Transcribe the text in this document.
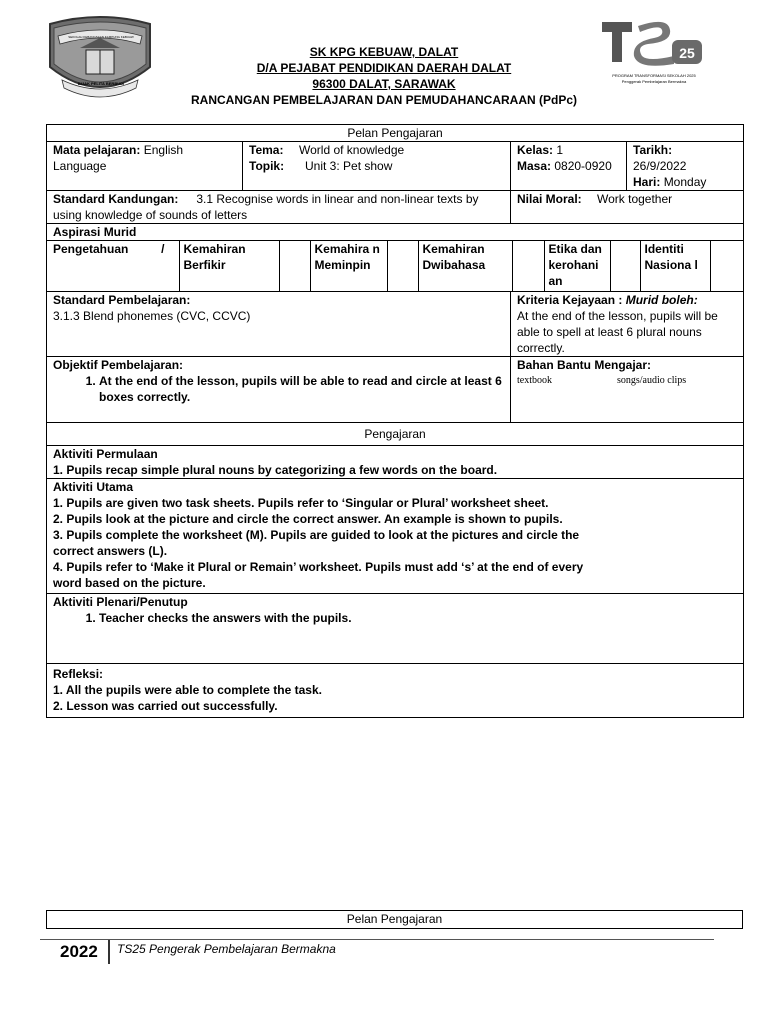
SEKOLAH KEBANGSAAN KAMPUNG KEBUAW
BIJAK PELITA BERBUDI
25
PROGRAM TRANSFORMASI SEKOLAH 2025
Penggerak Pembelajaran Bermakna
SK KPG KEBUAW, DALAT
D/A PEJABAT PENDIDIKAN DAERAH DALAT
96300 DALAT, SARAWAK
RANCANGAN PEMBELAJARAN DAN PEMUDAHANCARAAN (PdPc)
Pelan Pengajaran
Mata pelajaran: English Language	
Tema: World of knowledge
Topik: Unit 3: Pet show

Kelas: 1
Masa: 0820-0920

Tarikh:
26/9/2022
Hari: Monday

Standard Kandungan: 3.1 Recognise words in linear and non-linear texts by using knowledge of sounds of letters	
Nilai Moral: Work together

Aspirasi Murid

Pengetahuan	/	Kemahiran Berfikir		Kemahira n Meminpin		Kemahiran Dwibahasa		Etika dan kerohani an		Identiti Nasiona l	

Standard Pembelajaran:
3.1.3 Blend phonemes (CVC, CCVC)

Kriteria Kejayaan : Murid boleh:
At the end of the lesson, pupils will be able to spell at least 6 plural nouns correctly.

Objektif Pembelajaran:
1. At the end of the lesson, pupils will be able to read and circle at least 6 boxes correctly.

Bahan Bantu Mengajar:
textbook	songs/audio clips

Pengajaran

Aktiviti Permulaan
1. Pupils recap simple plural nouns by categorizing a few words on the board.

Aktiviti Utama
1. Pupils are given two task sheets. Pupils refer to ‘Singular or Plural’ worksheet sheet.
2. Pupils look at the picture and circle the correct answer. An example is shown to pupils.
3. Pupils complete the worksheet (M). Pupils are guided to look at the pictures and circle the correct answers (L).
4. Pupils refer to ‘Make it Plural or Remain’ worksheet. Pupils must add ‘s’ at the end of every word based on the picture.

Aktiviti Plenari/Penutup
1. Teacher checks the answers with the pupils.

Refleksi:
1. All the pupils were able to complete the task.
2. Lesson was carried out successfully.
Pelan Pengajaran
2022 TS25 Pengerak Pembelajaran Bermakna
